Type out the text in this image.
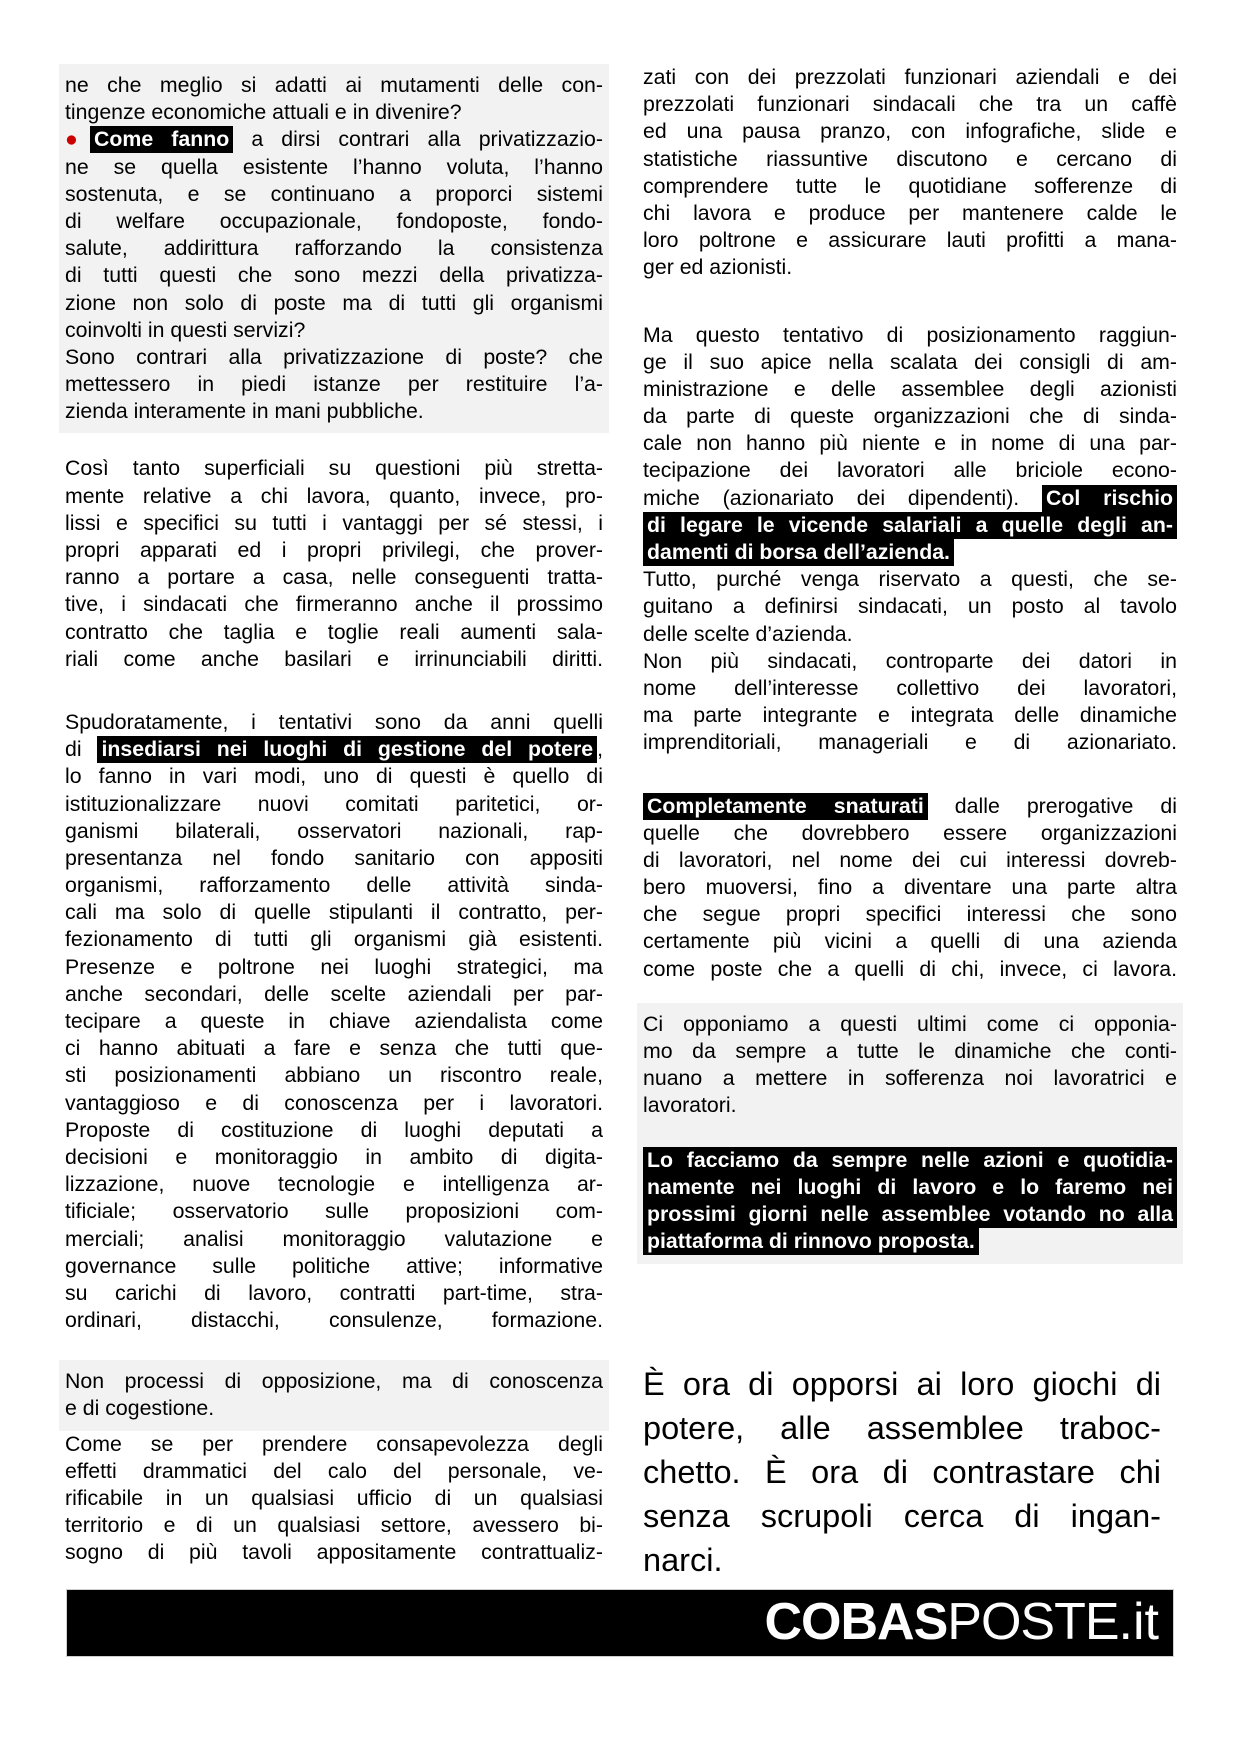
ne che meglio si adatti ai mutamenti delle con-
tingenze economiche attuali e in divenire?
● Come fanno a dirsi contrari alla privatizzazio-
ne se quella esistente l’hanno voluta, l’hanno
sostenuta, e se continuano a proporci sistemi
di welfare occupazionale, fondoposte, fondo-
salute, addirittura rafforzando la consistenza
di tutti questi che sono mezzi della privatizza-
zione non solo di poste ma di tutti gli organismi
coinvolti in questi servizi?
Sono contrari alla privatizzazione di poste? che
mettessero in piedi istanze per restituire l’a-
zienda interamente in mani pubbliche.
Così tanto superficiali su questioni più stretta-
mente relative a chi lavora, quanto, invece, pro-
lissi e specifici su tutti i vantaggi per sé stessi, i
propri apparati ed i propri privilegi, che prover-
ranno a portare a casa, nelle conseguenti tratta-
tive, i sindacati che firmeranno anche il prossimo
contratto che taglia e toglie reali aumenti sala-
riali come anche basilari e irrinunciabili diritti.
Spudoratamente, i tentativi sono da anni quelli
di insediarsi nei luoghi di gestione del potere ,
lo fanno in vari modi, uno di questi è quello di
istituzionalizzare nuovi comitati paritetici, or-
ganismi bilaterali, osservatori nazionali, rap-
presentanza nel fondo sanitario con appositi
organismi, rafforzamento delle attività sinda-
cali ma solo di quelle stipulanti il contratto, per-
fezionamento di tutti gli organismi già esistenti.
Presenze e poltrone nei luoghi strategici, ma
anche secondari, delle scelte aziendali per par-
tecipare a queste in chiave aziendalista come
ci hanno abituati a fare e senza che tutti que-
sti posizionamenti abbiano un riscontro reale,
vantaggioso e di conoscenza per i lavoratori.
Proposte di costituzione di luoghi deputati a
decisioni e monitoraggio in ambito di digita-
lizzazione, nuove tecnologie e intelligenza ar-
tificiale; osservatorio sulle proposizioni com-
merciali; analisi monitoraggio valutazione e
governance sulle politiche attive; informative
su carichi di lavoro, contratti part-time, stra-
ordinari, distacchi, consulenze, formazione.
Non processi di opposizione, ma di conoscenza
e di cogestione.
Come se per prendere consapevolezza degli
effetti drammatici del calo del personale, ve-
rificabile in un qualsiasi ufficio di un qualsiasi
territorio e di un qualsiasi settore, avessero bi-
sogno di più tavoli appositamente contrattualiz-
zati con dei prezzolati funzionari aziendali e dei
prezzolati funzionari sindacali che tra un caffè
ed una pausa pranzo, con infografiche, slide e
statistiche riassuntive discutono e cercano di
comprendere tutte le quotidiane sofferenze di
chi lavora e produce per mantenere calde le
loro poltrone e assicurare lauti profitti a mana-
ger ed azionisti.
Ma questo tentativo di posizionamento raggiun-
ge il suo apice nella scalata dei consigli di am-
ministrazione e delle assemblee degli azionisti
da parte di queste organizzazioni che di sinda-
cale non hanno più niente e in nome di una par-
tecipazione dei lavoratori alle briciole econo-
miche (azionariato dei dipendenti). Col rischio
di legare le vicende salariali a quelle degli an-
damenti di borsa dell’azienda.
Tutto, purché venga riservato a questi, che se-
guitano a definirsi sindacati, un posto al tavolo
delle scelte d’azienda.
Non più sindacati, controparte dei datori in
nome dell’interesse collettivo dei lavoratori,
ma parte integrante e integrata delle dinamiche
imprenditoriali, manageriali e di azionariato.
Completamente snaturati dalle prerogative di
quelle che dovrebbero essere organizzazioni
di lavoratori, nel nome dei cui interessi dovreb-
bero muoversi, fino a diventare una parte altra
che segue propri specifici interessi che sono
certamente più vicini a quelli di una azienda
come poste che a quelli di chi, invece, ci lavora.
Ci opponiamo a questi ultimi come ci opponia-
mo da sempre a tutte le dinamiche che conti-
nuano a mettere in sofferenza noi lavoratrici e
lavoratori.
Lo facciamo da sempre nelle azioni e quotidia-
namente nei luoghi di lavoro e lo faremo nei
prossimi giorni nelle assemblee votando no alla
piattaforma di rinnovo proposta.
È ora di opporsi ai loro giochi di
potere, alle assemblee traboc-
chetto. È ora di contrastare chi
senza scrupoli cerca di ingan-
narci.
COBASPOSTE.it
